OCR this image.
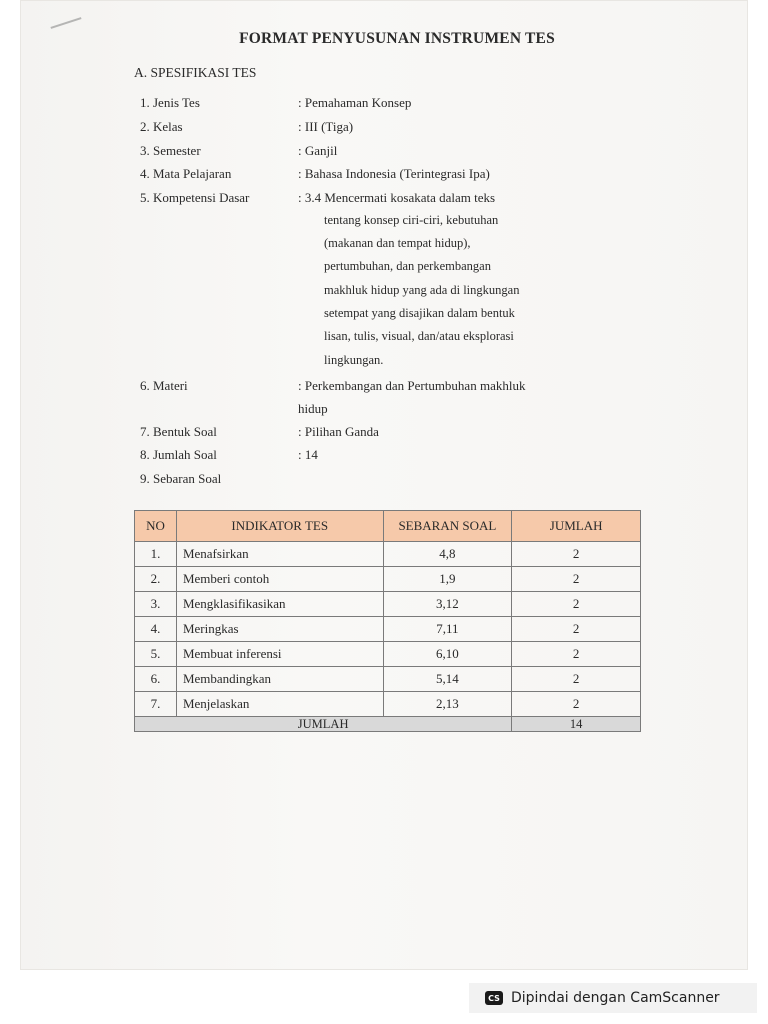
FORMAT PENYUSUNAN INSTRUMEN TES
A. SPESIFIKASI TES
1. Jenis Tes	: Pemahaman Konsep
2. Kelas	: III (Tiga)
3. Semester	: Ganjil
4. Mata Pelajaran	: Bahasa Indonesia (Terintegrasi Ipa)
5. Kompetensi Dasar	: 3.4 Mencermati kosakata dalam teks
tentang konsep ciri-ciri, kebutuhan
(makanan dan tempat hidup),
pertumbuhan, dan perkembangan
makhluk hidup yang ada di lingkungan
setempat yang disajikan dalam bentuk
lisan, tulis, visual, dan/atau eksplorasi
lingkungan.
6. Materi	: Perkembangan dan Pertumbuhan makhluk
hidup
7. Bentuk Soal	: Pilihan Ganda
8. Jumlah Soal	: 14
9. Sebaran Soal
NO	INDIKATOR TES	SEBARAN SOAL	JUMLAH
1.	Menafsirkan	4,8	2
2.	Memberi contoh	1,9	2
3.	Mengklasifikasikan	3,12	2
4.	Meringkas	7,11	2
5.	Membuat inferensi	6,10	2
6.	Membandingkan	5,14	2
7.	Menjelaskan	2,13	2
JUMLAH			14
CS Dipindai dengan CamScanner
